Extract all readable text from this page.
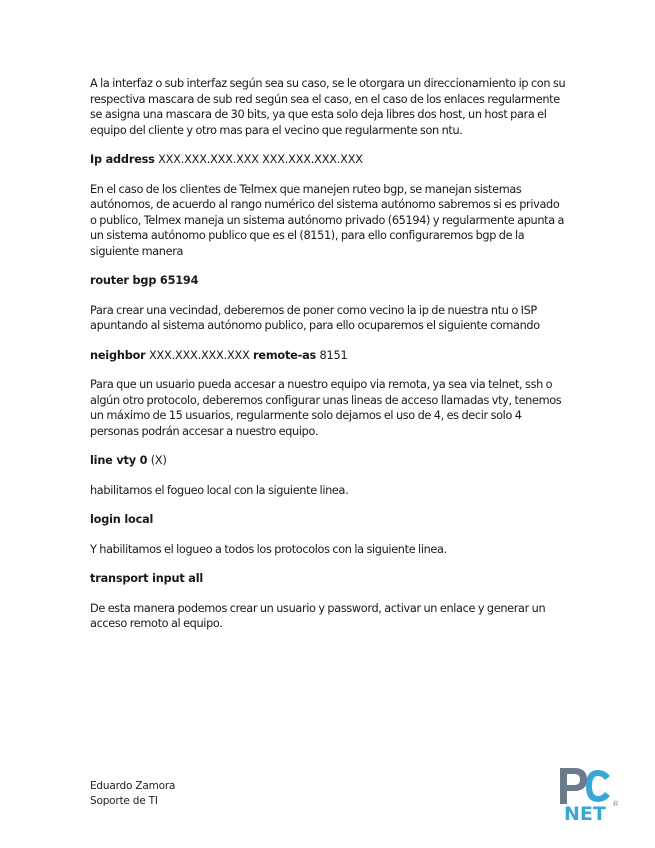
A la interfaz o sub interfaz según sea su caso, se le otorgara un direccionamiento ip con su respectiva mascara de sub red según sea el caso, en el caso de los enlaces regularmente se asigna una mascara de 30 bits, ya que esta solo deja libres dos host, un host para el equipo del cliente y otro mas para el vecino que regularmente son ntu.

Ip address XXX.XXX.XXX.XXX XXX.XXX.XXX.XXX

En el caso de los clientes de Telmex que manejen ruteo bgp, se manejan sistemas autónomos, de acuerdo al rango numérico del sistema autónomo sabremos si es privado o publico, Telmex maneja un sistema autónomo privado (65194) y regularmente apunta a un sistema autónomo publico que es el (8151), para ello configuraremos bgp de la siguiente manera

router bgp 65194

Para crear una vecindad, deberemos de poner como vecino la ip de nuestra ntu o ISP apuntando al sistema autónomo publico, para ello ocuparemos el siguiente comando

neighbor XXX.XXX.XXX.XXX remote-as 8151

Para que un usuario pueda accesar a nuestro equipo via remota, ya sea via telnet, ssh o algún otro protocolo, deberemos configurar unas lineas de acceso llamadas vty, tenemos un máximo de 15 usuarios, regularmente solo dejamos el uso de 4, es decir solo 4 personas podrán accesar a nuestro equipo.

line vty 0 (X)

habilitamos el fogueo local con la siguiente linea.

login local

Y habilitamos el logueo a todos los protocolos con la siguiente linea.

transport input all

De esta manera podemos crear un usuario y password, activar un enlace y generar un acceso remoto al equipo.

Eduardo Zamora
Soporte de TI
NET ®
